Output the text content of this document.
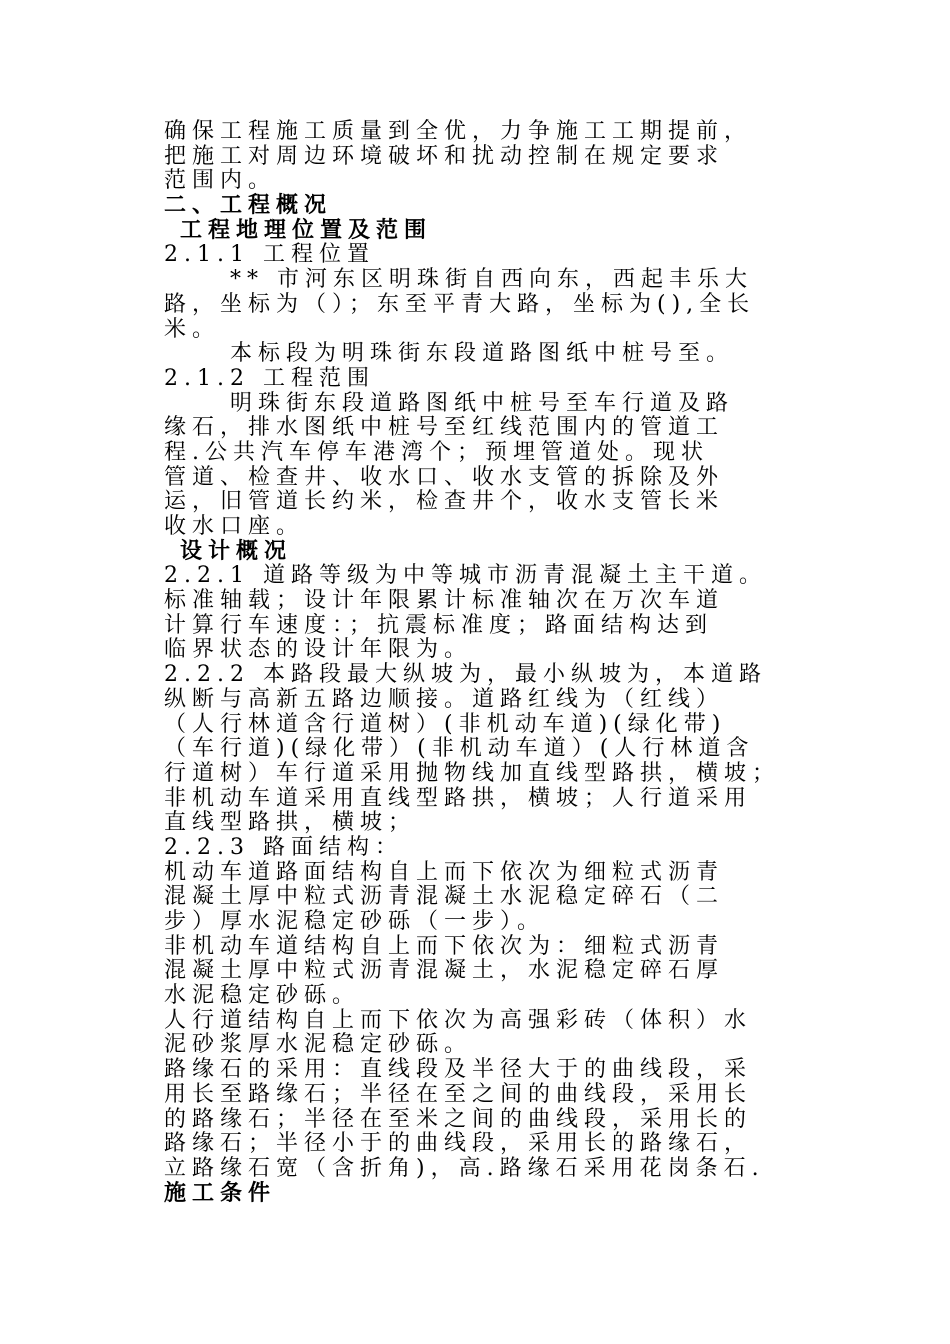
确保工程施工质量到全优，力争施工工期提前，
把施工对周边环境破坏和扰动控制在规定要求
范围内。
二、工程概况
工程地理位置及范围
2.1.1 工程位置
** 市河东区明珠街自西向东，西起丰乐大
路，坐标为（）；东至平青大路，坐标为(),全长
米。
本标段为明珠街东段道路图纸中桩号至。
2.1.2 工程范围
明珠街东段道路图纸中桩号至车行道及路
缘石，排水图纸中桩号至红线范围内的管道工
程.公共汽车停车港湾个；预埋管道处。现状
管道、检查井、收水口、收水支管的拆除及外
运，旧管道长约米，检查井个，收水支管长米
收水口座。
设计概况
2.2.1 道路等级为中等城市沥青混凝土主干道。
标准轴载；设计年限累计标准轴次在万次车道
计算行车速度：；抗震标准度；路面结构达到
临界状态的设计年限为。
2.2.2 本路段最大纵坡为，最小纵坡为，本道路
纵断与高新五路边顺接。道路红线为（红线）
（人行林道含行道树）(非机动车道)(绿化带)
（车行道)(绿化带）(非机动车道）(人行林道含
行道树）车行道采用抛物线加直线型路拱，横坡；
非机动车道采用直线型路拱，横坡；人行道采用
直线型路拱，横坡；
2.2.3 路面结构：
机动车道路面结构自上而下依次为细粒式沥青
混凝土厚中粒式沥青混凝土水泥稳定碎石（二
步）厚水泥稳定砂砾（一步）。
非机动车道结构自上而下依次为：细粒式沥青
混凝土厚中粒式沥青混凝土，水泥稳定碎石厚
水泥稳定砂砾。
人行道结构自上而下依次为高强彩砖（体积）水
泥砂浆厚水泥稳定砂砾。
路缘石的采用：直线段及半径大于的曲线段，采
用长至路缘石；半径在至之间的曲线段，采用长
的路缘石；半径在至米之间的曲线段，采用长的
路缘石；半径小于的曲线段，采用长的路缘石，
立路缘石宽（含折角)，高.路缘石采用花岗条石.
施工条件
